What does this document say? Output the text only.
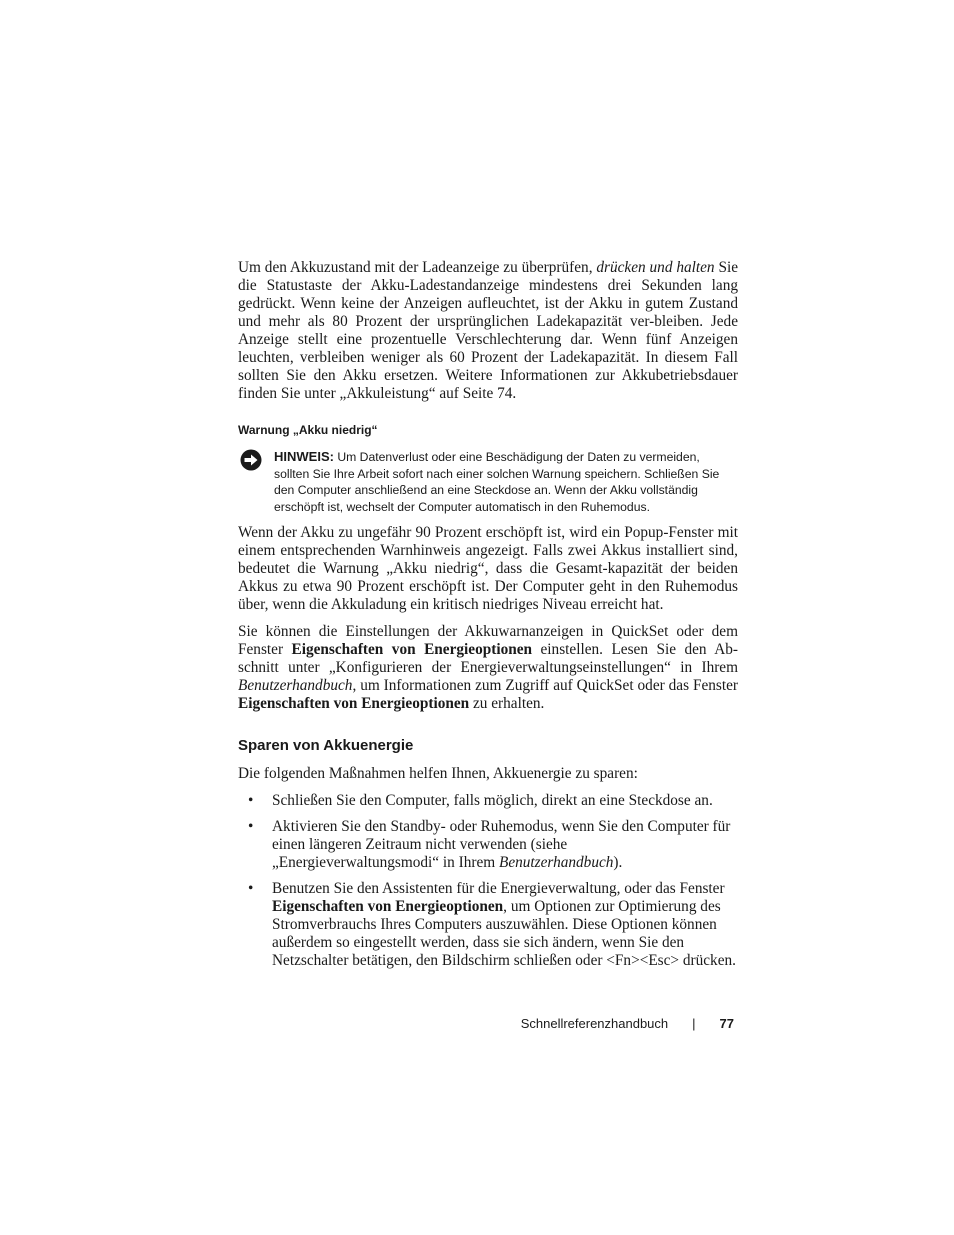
Um den Akkuzustand mit der Ladeanzeige zu überprüfen, drücken und halten Sie die Statustaste der Akku-Ladestandanzeige mindestens drei Sekunden lang gedrückt. Wenn keine der Anzeigen aufleuchtet, ist der Akku in gutem Zustand und mehr als 80 Prozent der ursprünglichen Ladekapazität ver-bleiben. Jede Anzeige stellt eine prozentuelle Verschlechterung dar. Wenn fünf Anzeigen leuchten, verbleiben weniger als 60 Prozent der Ladekapazität. In diesem Fall sollten Sie den Akku ersetzen. Weitere Informationen zur Akkubetriebsdauer finden Sie unter „Akkuleistung“ auf Seite 74.

Warnung „Akku niedrig“
HINWEIS: Um Datenverlust oder eine Beschädigung der Daten zu vermeiden, sollten Sie Ihre Arbeit sofort nach einer solchen Warnung speichern. Schließen Sie den Computer anschließend an eine Steckdose an. Wenn der Akku vollständig erschöpft ist, wechselt der Computer automatisch in den Ruhemodus.

Wenn der Akku zu ungefähr 90 Prozent erschöpft ist, wird ein Popup-Fenster mit einem entsprechenden Warnhinweis angezeigt. Falls zwei Akkus installiert sind, bedeutet die Warnung „Akku niedrig“, dass die Gesamt-kapazität der beiden Akkus zu etwa 90 Prozent erschöpft ist. Der Computer geht in den Ruhemodus über, wenn die Akkuladung ein kritisch niedriges Niveau erreicht hat.

Sie können die Einstellungen der Akkuwarnanzeigen in QuickSet oder dem Fenster Eigenschaften von Energieoptionen einstellen. Lesen Sie den Ab-schnitt unter „Konfigurieren der Energieverwaltungseinstellungen“ in Ihrem Benutzerhandbuch, um Informationen zum Zugriff auf QuickSet oder das Fenster Eigenschaften von Energieoptionen zu erhalten.

Sparen von Akkuenergie

Die folgenden Maßnahmen helfen Ihnen, Akkuenergie zu sparen:

• Schließen Sie den Computer, falls möglich, direkt an eine Steckdose an.
• Aktivieren Sie den Standby- oder Ruhemodus, wenn Sie den Computer für einen längeren Zeitraum nicht verwenden (siehe „Energieverwaltungsmodi“ in Ihrem Benutzerhandbuch).
• Benutzen Sie den Assistenten für die Energieverwaltung, oder das Fenster Eigenschaften von Energieoptionen, um Optionen zur Optimierung des Stromverbrauchs Ihres Computers auszuwählen. Diese Optionen können außerdem so eingestellt werden, dass sie sich ändern, wenn Sie den Netzschalter betätigen, den Bildschirm schließen oder <Fn><Esc> drücken.
Schnellreferenzhandbuch | 77
